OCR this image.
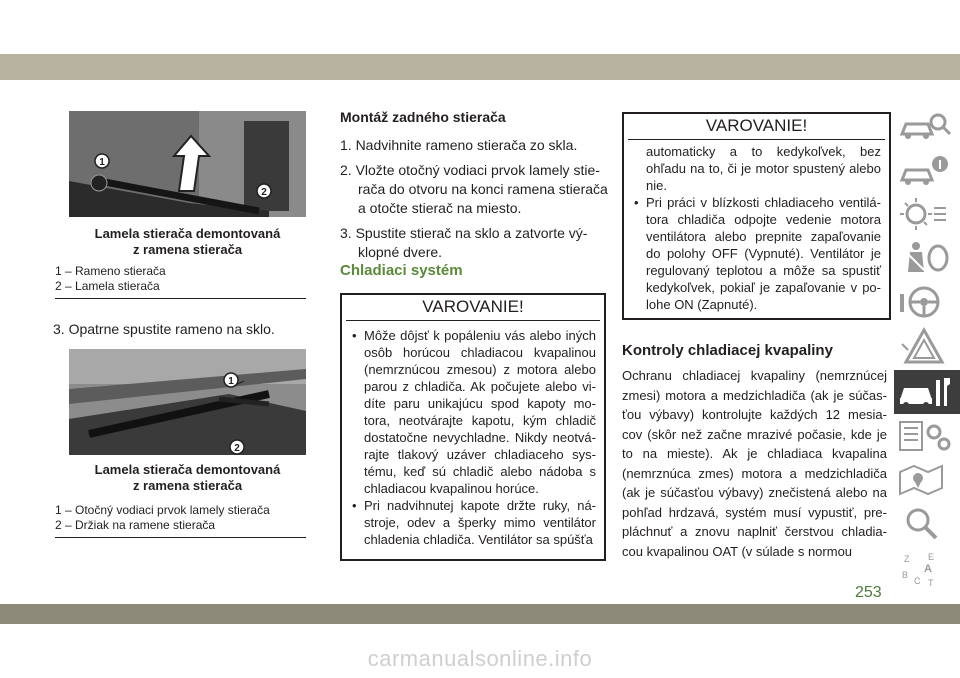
1
2
Lamela stierača demontovaná
z ramena stierača
1 – Rameno stierača
2 – Lamela stierača
3. Opatrne spustite rameno na sklo.
1
2
Lamela stierača demontovaná
z ramena stierača
1 – Otočný vodiaci prvok lamely stierača
2 – Držiak na ramene stierača
Montáž zadného stierača
1. Nadvihnite rameno stierača zo skla.
2. Vložte otočný vodiaci prvok lamely stie- rača do otvoru na konci ramena stierača a otočte stierač na miesto.
3. Spustite stierač na sklo a zatvorte vý- klopné dvere.
Chladiaci systém
VAROVANIE!
• Môže dôjsť k popáleniu vás alebo iných osôb horúcou chladiacou kvapalinou (nemrznúcou zmesou) z motora alebo parou z chladiča. Ak počujete alebo vi- díte paru unikajúcu spod kapoty mo- tora, neotvárajte kapotu, kým chladič dostatočne nevychladne. Nikdy neotvá- rajte tlakový uzáver chladiaceho sys- tému, keď sú chladič alebo nádoba s chladiacou kvapalinou horúce.
• Pri nadvihnutej kapote držte ruky, ná- stroje, odev a šperky mimo ventilátor chladenia chladiča. Ventilátor sa spúšťa
VAROVANIE!
automaticky a to kedykoľvek, bez ohľadu na to, či je motor spustený alebo nie.
• Pri práci v blízkosti chladiaceho ventilá- tora chladiča odpojte vedenie motora ventilátora alebo prepnite zapaľovanie do polohy OFF (Vypnuté). Ventilátor je regulovaný teplotou a môže sa spustiť kedykoľvek, pokiaľ je zapaľovanie v po- lohe ON (Zapnuté).
Kontroly chladiacej kvapaliny
Ochranu chladiacej kvapaliny (nemrznúcej zmesi) motora a medzichladiča (ak je súčas- ťou výbavy) kontrolujte každých 12 mesia- cov (skôr než začne mrazivé počasie, kde je to na mieste). Ak je chladiaca kvapalina (nemrznúca zmes) motora a medzichladiča (ak je súčasťou výbavy) znečistená alebo na pohľad hrdzavá, systém musí vypustiť, pre- pláchnuť a znovu naplniť čerstvou chladia- cou kvapalinou OAT (v súlade s normou
Z E
A
B
C T
253
carmanualsonline.info
